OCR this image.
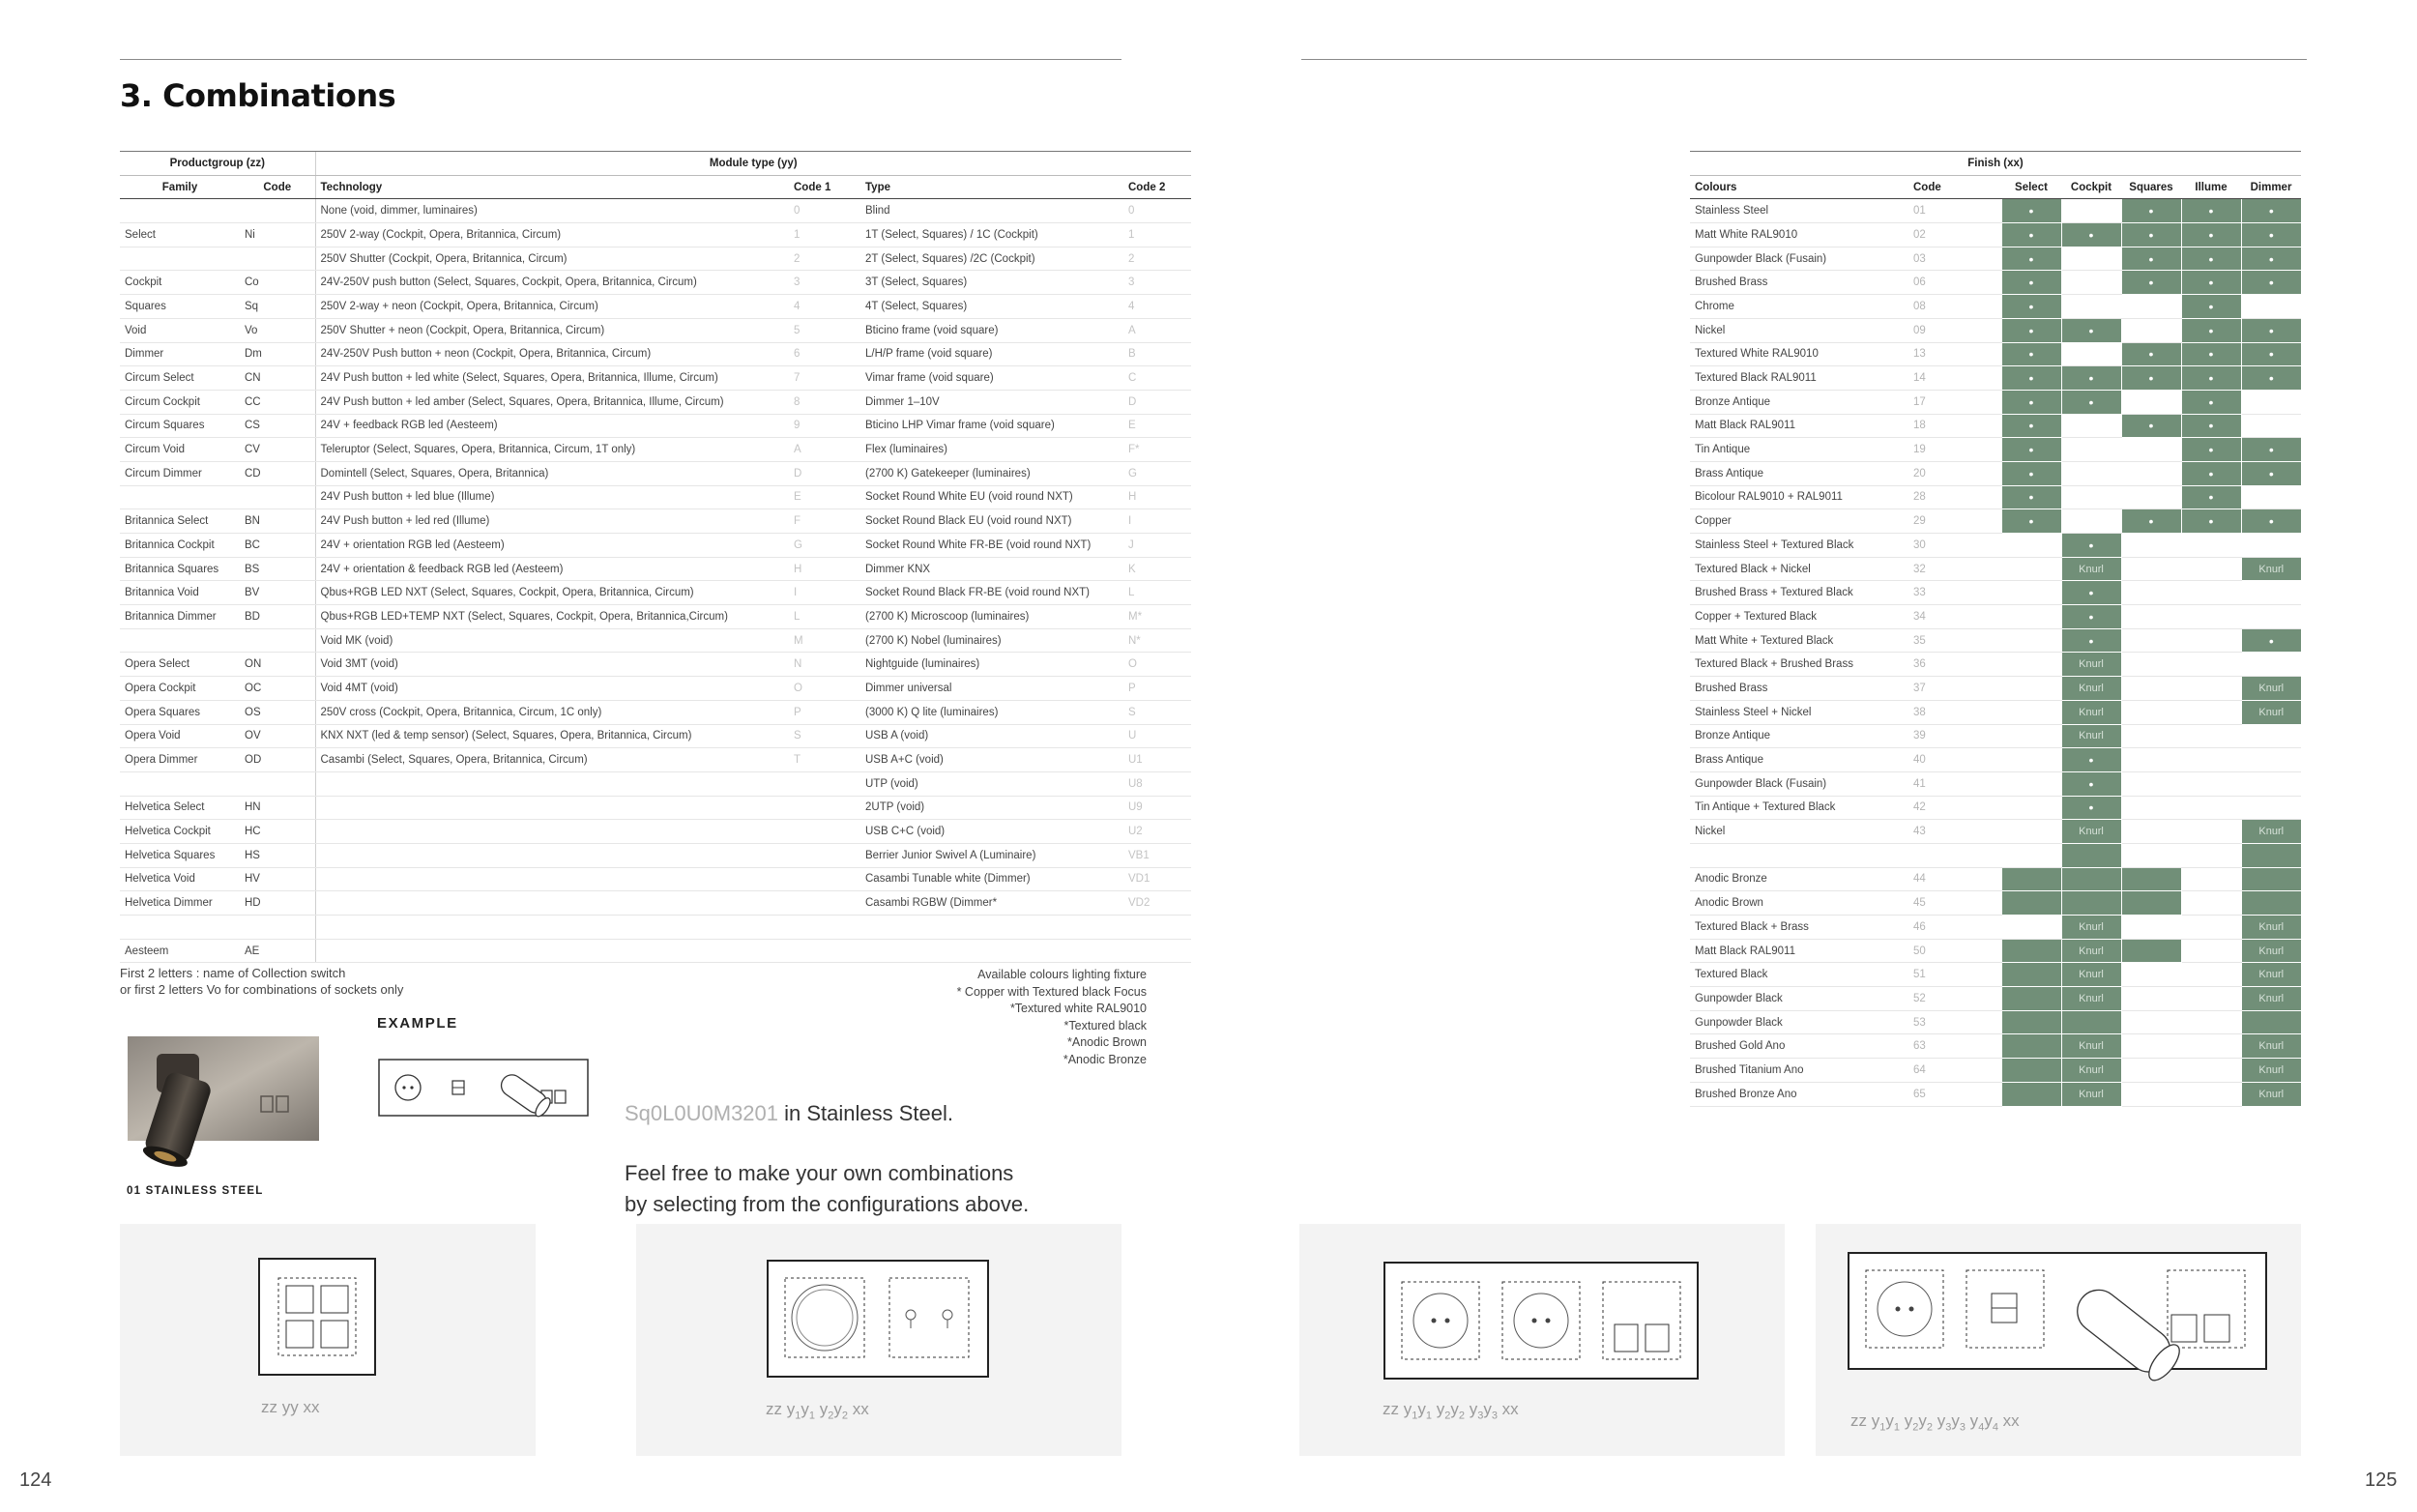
3. Combinations
Productgroup (zz)		Module type (yy)			
Family	Code	Technology	Code 1	Type	Code 2
		None (void, dimmer, luminaires)	0	Blind	0
Select	Ni	250V 2-way (Cockpit, Opera, Britannica, Circum)	1	1T (Select, Squares) / 1C (Cockpit)	1
		250V Shutter (Cockpit, Opera, Britannica, Circum)	2	2T (Select, Squares) /2C (Cockpit)	2
Cockpit	Co	24V-250V push button (Select, Squares, Cockpit, Opera, Britannica, Circum)	3	3T (Select, Squares)	3
Squares	Sq	250V 2-way + neon (Cockpit, Opera, Britannica, Circum)	4	4T (Select, Squares)	4
Void	Vo	250V Shutter + neon (Cockpit, Opera, Britannica, Circum)	5	Bticino frame (void square)	A
Dimmer	Dm	24V-250V Push button + neon (Cockpit, Opera, Britannica, Circum)	6	L/H/P frame (void square)	B
Circum Select	CN	24V Push button + led white (Select, Squares, Opera, Britannica, Illume, Circum)	7	Vimar frame (void square)	C
Circum Cockpit	CC	24V Push button + led amber (Select, Squares, Opera, Britannica, Illume, Circum)	8	Dimmer 1–10V	D
Circum Squares	CS	24V + feedback RGB led (Aesteem)	9	Bticino LHP Vimar frame (void square)	E
Circum Void	CV	Teleruptor (Select, Squares, Opera, Britannica, Circum, 1T only)	A	Flex (luminaires)	F*
Circum Dimmer	CD	Domintell (Select, Squares, Opera, Britannica)	D	(2700 K) Gatekeeper (luminaires)	G
		24V Push button + led blue (Illume)	E	Socket Round White EU (void round NXT)	H
Britannica Select	BN	24V Push button + led red (Illume)	F	Socket Round Black EU (void round NXT)	I
Britannica Cockpit	BC	24V + orientation RGB led (Aesteem)	G	Socket Round White FR-BE (void round NXT)	J
Britannica Squares	BS	24V + orientation & feedback RGB led (Aesteem)	H	Dimmer KNX	K
Britannica Void	BV	Qbus+RGB LED NXT (Select, Squares, Cockpit, Opera, Britannica, Circum)	I	Socket Round Black FR-BE (void round NXT)	L
Britannica Dimmer	BD	Qbus+RGB LED+TEMP NXT (Select, Squares, Cockpit, Opera, Britannica,Circum)	L	(2700 K) Microscoop (luminaires)	M*
		Void MK (void)	M	(2700 K) Nobel (luminaires)	N*
Opera Select	ON	Void 3MT (void)	N	Nightguide (luminaires)	O
Opera Cockpit	OC	Void 4MT (void)	O	Dimmer universal	P
Opera Squares	OS	250V cross (Cockpit, Opera, Britannica, Circum, 1C only)	P	(3000 K) Q lite (luminaires)	S
Opera Void	OV	KNX NXT (led & temp sensor) (Select, Squares, Opera, Britannica, Circum)	S	USB A (void)	U
Opera Dimmer	OD	Casambi (Select, Squares, Opera, Britannica, Circum)	T	USB A+C (void)	U1
				UTP (void)	U8
Helvetica Select	HN			2UTP (void)	U9
Helvetica Cockpit	HC			USB C+C (void)	U2
Helvetica Squares	HS			Berrier Junior Swivel A (Luminaire)	VB1
Helvetica Void	HV			Casambi Tunable white (Dimmer)	VD1
Helvetica Dimmer	HD			Casambi RGBW (Dimmer*	VD2

Aesteem	AE				
First 2 letters : name of Collection switch
or first 2 letters Vo for combinations of sockets only
Available colours lighting fixture
* Copper with Textured black Focus
*Textured white RAL9010
*Textured black
*Anodic Brown
*Anodic Bronze
01 STAINLESS STEEL
EXAMPLE
Sq0L0U0M3201 in Stainless Steel.
Feel free to make your own combinations
by selecting from the configurations above.
Finish (xx)						
Colours	Code	Select	Cockpit	Squares	Illume	Dimmer
Stainless Steel	01	•		•	•	•
Matt White RAL9010	02	•	•	•	•	•
Gunpowder Black (Fusain)	03	•		•	•	•
Brushed Brass	06	•		•	•	•
Chrome	08	•			•	
Nickel	09	•	•		•	•
Textured White RAL9010	13	•		•	•	•
Textured Black RAL9011	14	•	•	•	•	•
Bronze Antique	17	•	•		•	
Matt Black RAL9011	18	•		•	•	
Tin Antique	19	•			•	•
Brass Antique	20	•			•	•
Bicolour RAL9010 + RAL9011	28	•			•	
Copper	29	•		•	•	•
Stainless Steel + Textured Black	30		•			
Textured Black + Nickel	32		Knurl			Knurl
Brushed Brass + Textured Black	33		•			
Copper + Textured Black	34		•			
Matt White + Textured Black	35		•			•
Textured Black + Brushed Brass	36		Knurl			
Brushed Brass	37		Knurl			Knurl
Stainless Steel + Nickel	38		Knurl			Knurl
Bronze Antique	39		Knurl			
Brass Antique	40		•			
Gunpowder Black (Fusain)	41		•			
Tin Antique + Textured Black	42		•			
Nickel	43		Knurl			Knurl

Anodic Bronze	44					
Anodic Brown	45					
Textured Black + Brass	46		Knurl			Knurl
Matt Black RAL9011	50		Knurl			Knurl
Textured Black	51		Knurl			Knurl
Gunpowder Black	52		Knurl			Knurl
Gunpowder Black	53					
Brushed Gold Ano	63		Knurl			Knurl
Brushed Titanium Ano	64		Knurl			Knurl
Brushed Bronze Ano	65		Knurl			Knurl
zz yy xx	zz $y_1y_1$ $y_2y_2$ xx	zz $y_1y_1$ $y_2y_2$ $y_3y_3$ xx
zz $y_1y_1$ $y_2y_2$ $y_3y_3$ $y_4y_4$ xx
124	125
